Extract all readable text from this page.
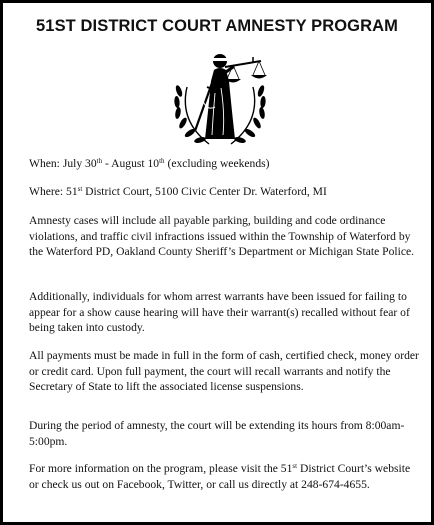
51ST DISTRICT COURT AMNESTY PROGRAM

When: July 30th - August 10th (excluding weekends)

Where: 51st District Court, 5100 Civic Center Dr. Waterford, MI

Amnesty cases will include all payable parking, building and code ordinance violations, and traffic civil infractions issued within the Township of Waterford by the Waterford PD, Oakland County Sheriff’s Department or Michigan State Police.

Additionally, individuals for whom arrest warrants have been issued for failing to appear for a show cause hearing will have their warrant(s) recalled without fear of being taken into custody.

All payments must be made in full in the form of cash, certified check, money order or credit card. Upon full payment, the court will recall warrants and notify the Secretary of State to lift the associated license suspensions.

During the period of amnesty, the court will be extending its hours from 8:00am- 5:00pm.

For more information on the program, please visit the 51st District Court’s website or check us out on Facebook, Twitter, or call us directly at 248-674-4655.
